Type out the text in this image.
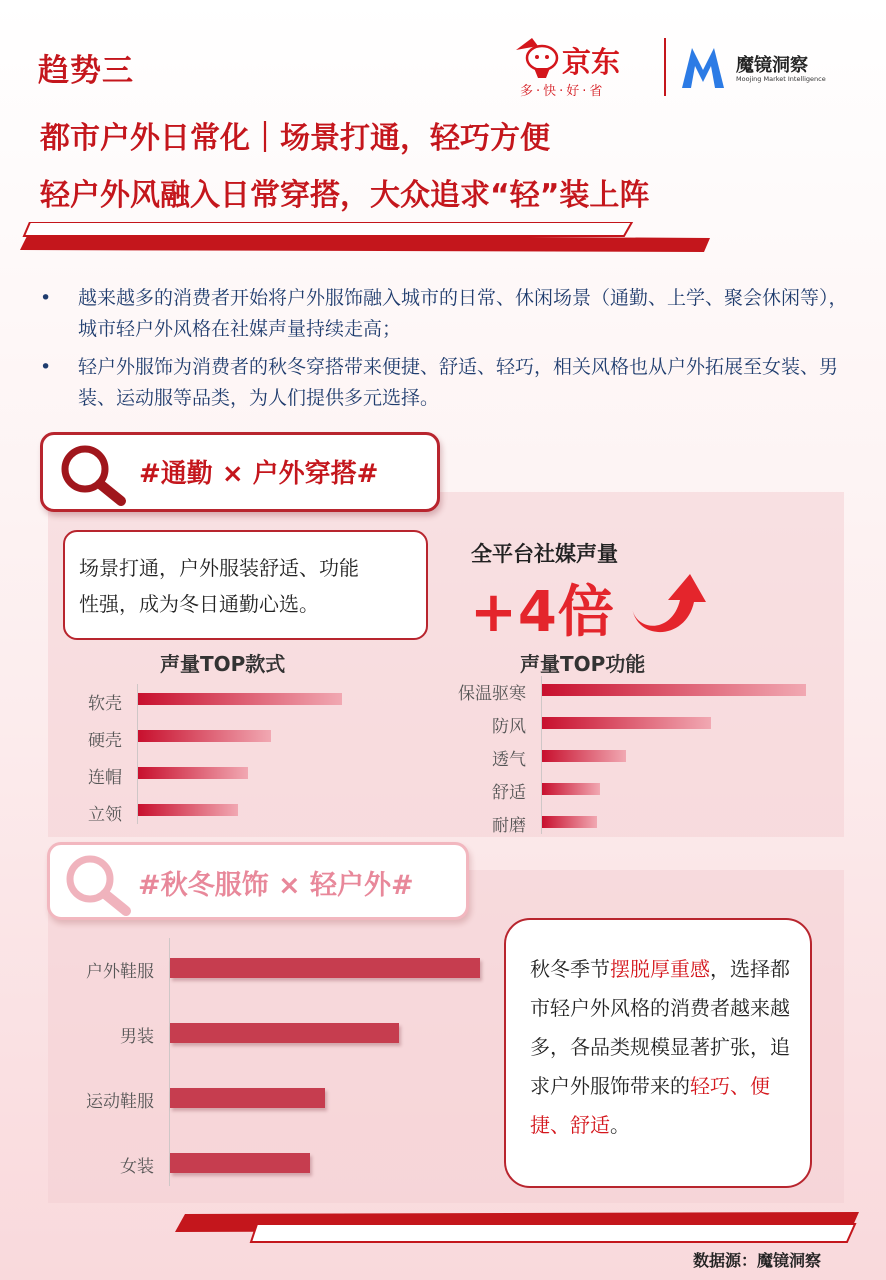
趋势三	京东
多·快·好·省
魔镜洞察
Moojing Market Intelligence
都市户外日常化｜场景打通，轻巧方便
轻户外风融入日常穿搭，大众追求“轻”装上阵
• 越来越多的消费者开始将户外服饰融入城市的日常、休闲场景（通勤、上学、聚会休闲等），城市轻户外风格在社媒声量持续走高；
• 轻户外服饰为消费者的秋冬穿搭带来便捷、舒适、轻巧，相关风格也从户外拓展至女装、男装、运动服等品类，为人们提供多元选择。
#通勤 × 户外穿搭#
场景打通，户外服装舒适、功能
性强，成为冬日通勤心选。
全平台社媒声量
+4倍
声量TOP款式
软壳
硬壳
连帽
立领
声量TOP功能
保温驱寒
防风
透气
舒适
耐磨
#秋冬服饰 × 轻户外#
户外鞋服
男装
运动鞋服
女装
秋冬季节摆脱厚重感，选择都市轻户外风格的消费者越来越多，各品类规模显著扩张，追求户外服饰带来的轻巧、便捷、舒适。
数据源：魔镜洞察
